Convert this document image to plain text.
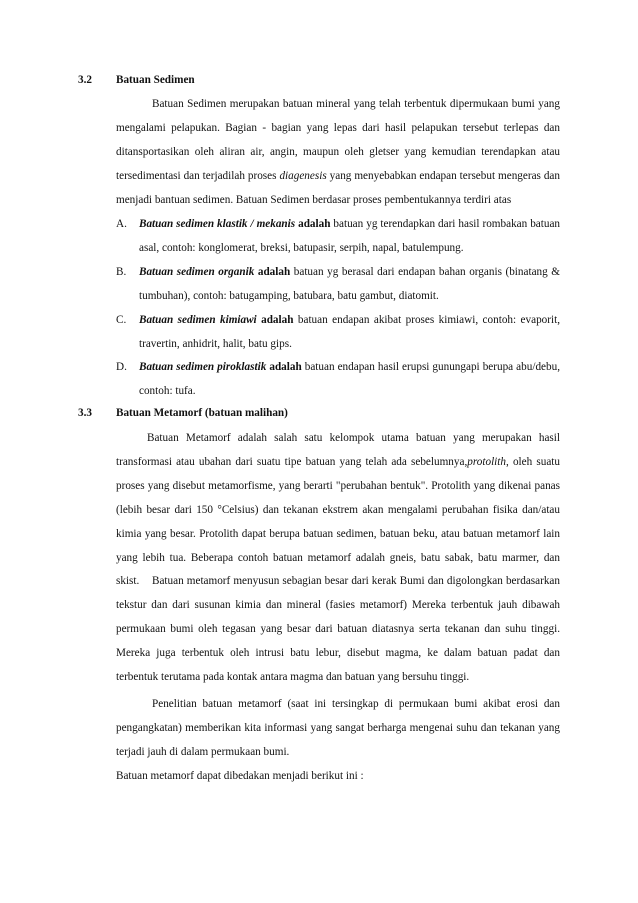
3.2 Batuan Sedimen

Batuan Sedimen merupakan batuan mineral yang telah terbentuk dipermukaan bumi yang mengalami pelapukan. Bagian - bagian yang lepas dari hasil pelapukan tersebut terlepas dan ditansportasikan oleh aliran air, angin, maupun oleh gletser yang kemudian terendapkan atau tersedimentasi dan terjadilah proses diagenesis yang menyebabkan endapan tersebut mengeras dan menjadi bantuan sedimen. Batuan Sedimen berdasar proses pembentukannya terdiri atas

A. Batuan sedimen klastik / mekanis adalah batuan yg terendapkan dari hasil rombakan batuan asal, contoh: konglomerat, breksi, batupasir, serpih, napal, batulempung.
B. Batuan sedimen organik adalah batuan yg berasal dari endapan bahan organis (binatang & tumbuhan), contoh: batugamping, batubara, batu gambut, diatomit.
C. Batuan sedimen kimiawi adalah batuan endapan akibat proses kimiawi, contoh: evaporit, travertin, anhidrit, halit, batu gips.
D. Batuan sedimen piroklastik adalah batuan endapan hasil erupsi gunungapi berupa abu/debu, contoh: tufa.
3.3 Batuan Metamorf (batuan malihan)

Batuan Metamorf adalah salah satu kelompok utama batuan yang merupakan hasil transformasi atau ubahan dari suatu tipe batuan yang telah ada sebelumnya,protolith, oleh suatu proses yang disebut metamorfisme, yang berarti "perubahan bentuk". Protolith yang dikenai panas (lebih besar dari 150 °Celsius) dan tekanan ekstrem akan mengalami perubahan fisika dan/atau kimia yang besar. Protolith dapat berupa batuan sedimen, batuan beku, atau batuan metamorf lain yang lebih tua. Beberapa contoh batuan metamorf adalah gneis, batu sabak, batu marmer, dan skist.	Batuan metamorf menyusun sebagian besar dari kerak Bumi dan digolongkan berdasarkan tekstur dan dari susunan kimia dan mineral (fasies metamorf) Mereka terbentuk jauh dibawah permukaan bumi oleh tegasan yang besar dari batuan diatasnya serta tekanan dan suhu tinggi. Mereka juga terbentuk oleh intrusi batu lebur, disebut magma, ke dalam batuan padat dan terbentuk terutama pada kontak antara magma dan batuan yang bersuhu tinggi.

Penelitian batuan metamorf (saat ini tersingkap di permukaan bumi akibat erosi dan pengangkatan) memberikan kita informasi yang sangat berharga mengenai suhu dan tekanan yang terjadi jauh di dalam permukaan bumi.

Batuan metamorf dapat dibedakan menjadi berikut ini :
